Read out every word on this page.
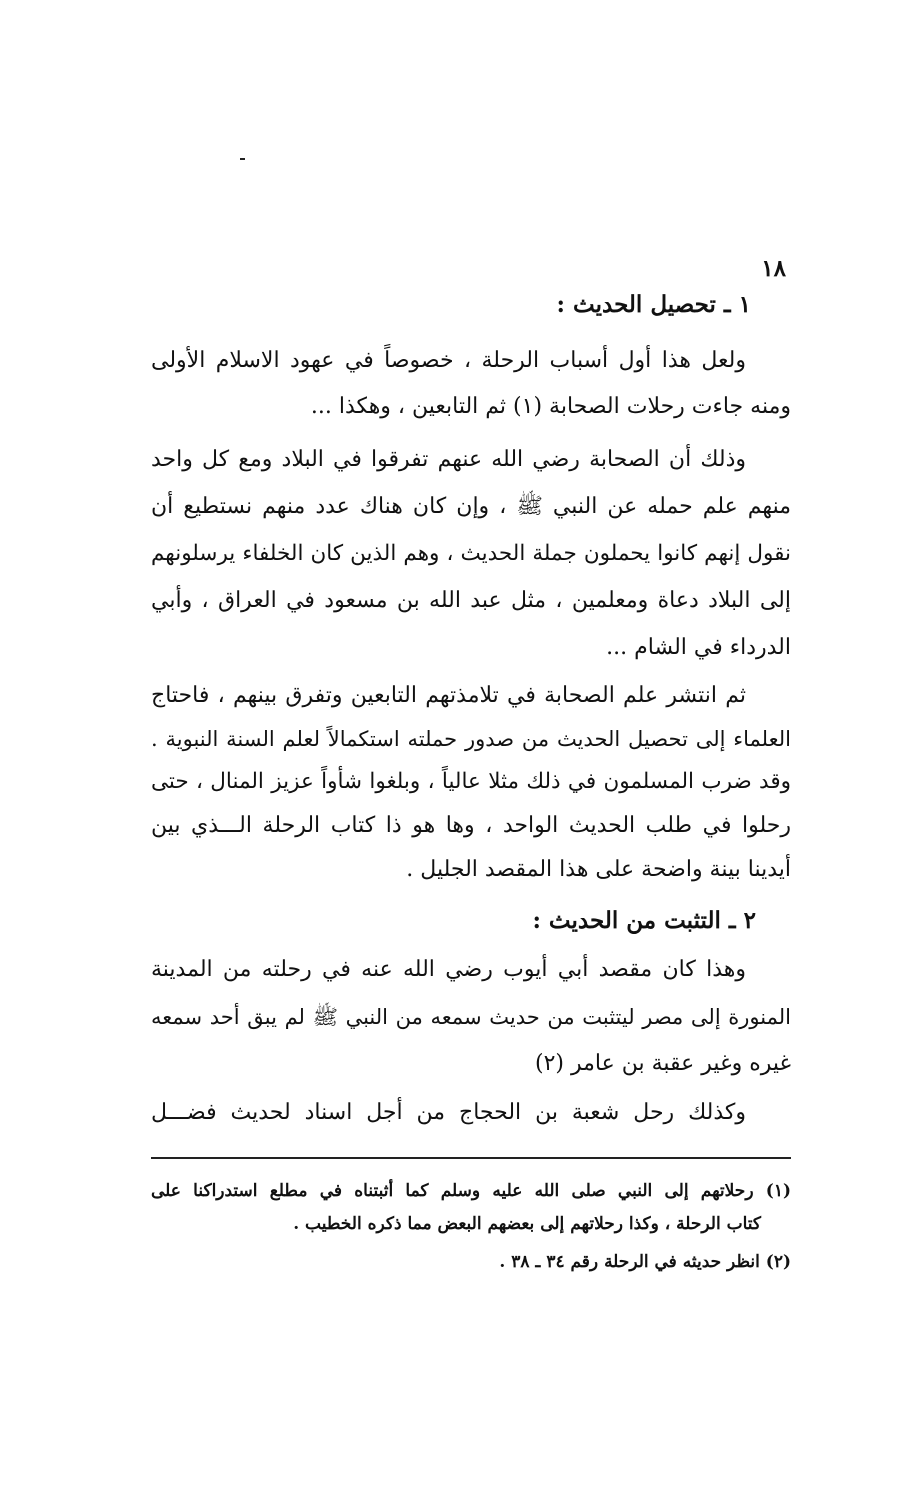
١٨
١ ـ تحصيل الحديث :
ولعل هذا أول أسباب الرحلة ، خصوصاً في عهود الاسلام الأولى
ومنه جاءت رحلات الصحابة (١) ثم التابعين ، وهكذا ...
وذلك أن الصحابة رضي الله عنهم تفرقوا في البلاد ومع كل واحد
منهم علم حمله عن النبي ﷺ ، وإن كان هناك عدد منهم نستطيع أن
نقول إنهم كانوا يحملون جملة الحديث ، وهم الذين كان الخلفاء يرسلونهم
إلى البلاد دعاة ومعلمين ، مثل عبد الله بن مسعود في العراق ، وأبي
الدرداء في الشام ...
ثم انتشر علم الصحابة في تلامذتهم التابعين وتفرق بينهم ، فاحتاج
العلماء إلى تحصيل الحديث من صدور حملته استكمالاً لعلم السنة النبوية .
وقد ضرب المسلمون في ذلك مثلا عالياً ، وبلغوا شأواً عزيز المنال ، حتى
رحلوا في طلب الحديث الواحد ، وها هو ذا كتاب الرحلة الـــذي بين
أيدينا بينة واضحة على هذا المقصد الجليل .
٢ ـ التثبت من الحديث :
وهذا كان مقصد أبي أيوب رضي الله عنه في رحلته من المدينة
المنورة إلى مصر ليتثبت من حديث سمعه من النبي ﷺ لم يبق أحد سمعه
غيره وغير عقبة بن عامر (٢)
وكذلك رحل شعبة بن الحجاج من أجل اسناد لحديث فضـــل
(١) رحلاتهم إلى النبي صلى الله عليه وسلم كما أثبتناه في مطلع استدراكنا على
كتاب الرحلة ، وكذا رحلاتهم إلى بعضهم البعض مما ذكره الخطيب .
(٢) انظر حديثه في الرحلة رقم ٣٤ ـ ٣٨ .
